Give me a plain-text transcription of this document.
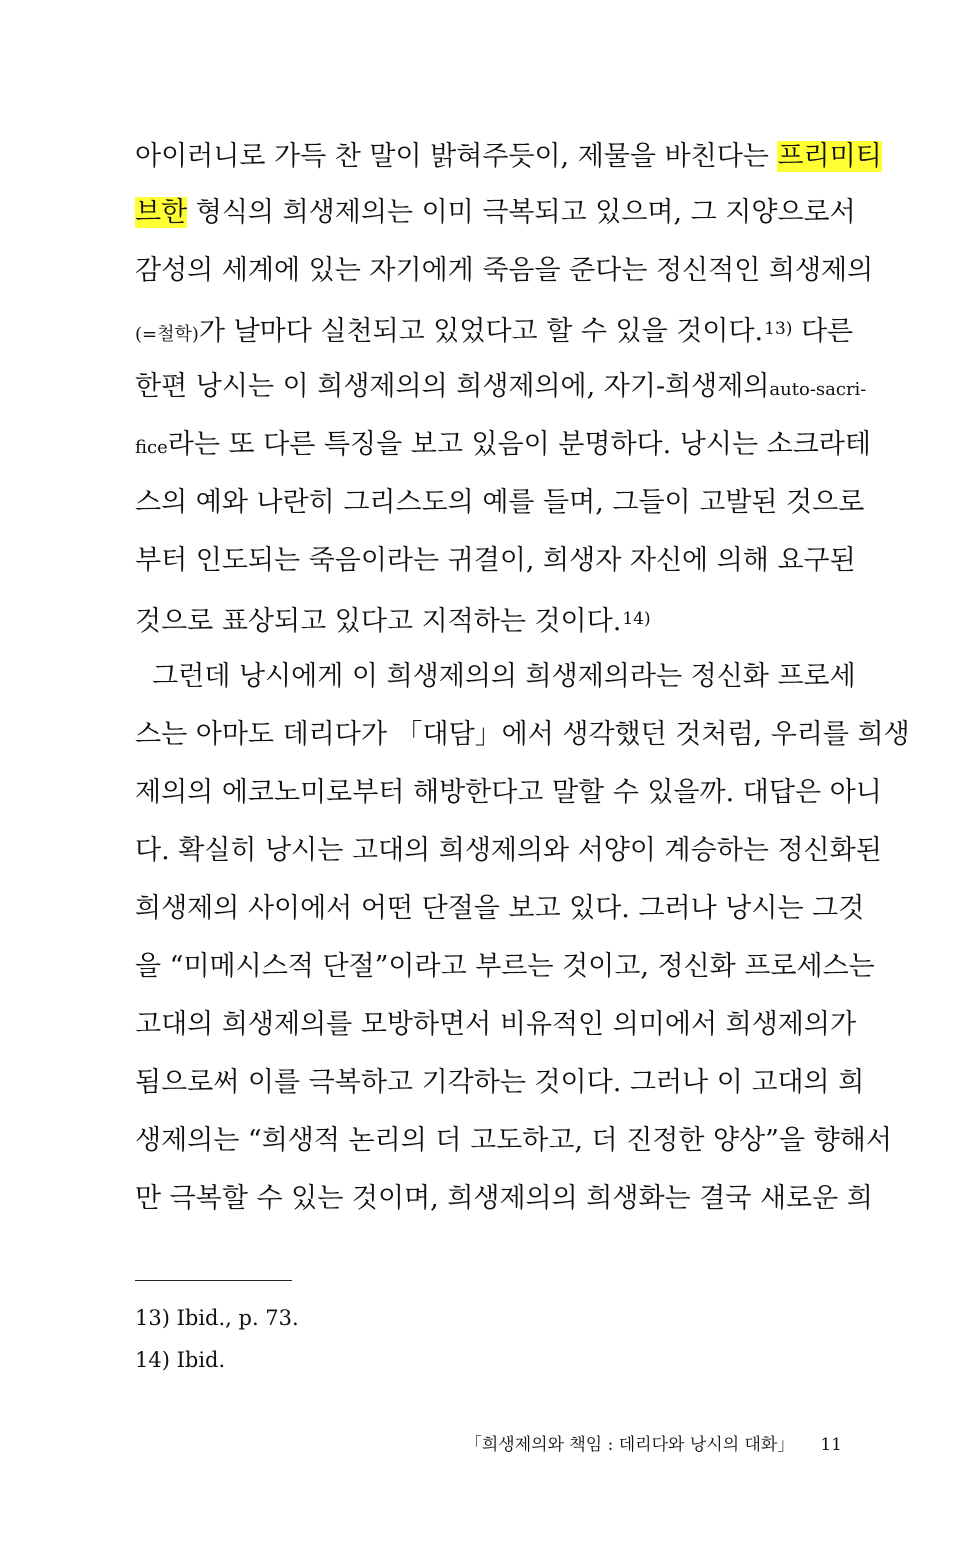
아이러니로 가득 찬 말이 밝혀주듯이, 제물을 바친다는 프리미티
브한 형식의 희생제의는 이미 극복되고 있으며, 그 지양으로서
감성의 세계에 있는 자기에게 죽음을 준다는 정신적인 희생제의
(=철학)가 날마다 실천되고 있었다고 할 수 있을 것이다.$^{13)}$ 다른
한편 낭시는 이 희생제의의 희생제의에, 자기-희생제의auto-sacri-
fice라는 또 다른 특징을 보고 있음이 분명하다. 낭시는 소크라테
스의 예와 나란히 그리스도의 예를 들며, 그들이 고발된 것으로
부터 인도되는 죽음이라는 귀결이, 희생자 자신에 의해 요구된
것으로 표상되고 있다고 지적하는 것이다.$^{14)}$
그런데 낭시에게 이 희생제의의 희생제의라는 정신화 프로세
스는 아마도 데리다가 「대담」에서 생각했던 것처럼, 우리를 희생
제의의 에코노미로부터 해방한다고 말할 수 있을까. 대답은 아니
다. 확실히 낭시는 고대의 희생제의와 서양이 계승하는 정신화된
희생제의 사이에서 어떤 단절을 보고 있다. 그러나 낭시는 그것
을 “미메시스적 단절”이라고 부르는 것이고, 정신화 프로세스는
고대의 희생제의를 모방하면서 비유적인 의미에서 희생제의가
됨으로써 이를 극복하고 기각하는 것이다. 그러나 이 고대의 희
생제의는 “희생적 논리의 더 고도하고, 더 진정한 양상”을 향해서
만 극복할 수 있는 것이며, 희생제의의 희생화는 결국 새로운 희
13) Ibid., p. 73.
14) Ibid.
「희생제의와 책임 : 데리다와 낭시의 대화」 11
